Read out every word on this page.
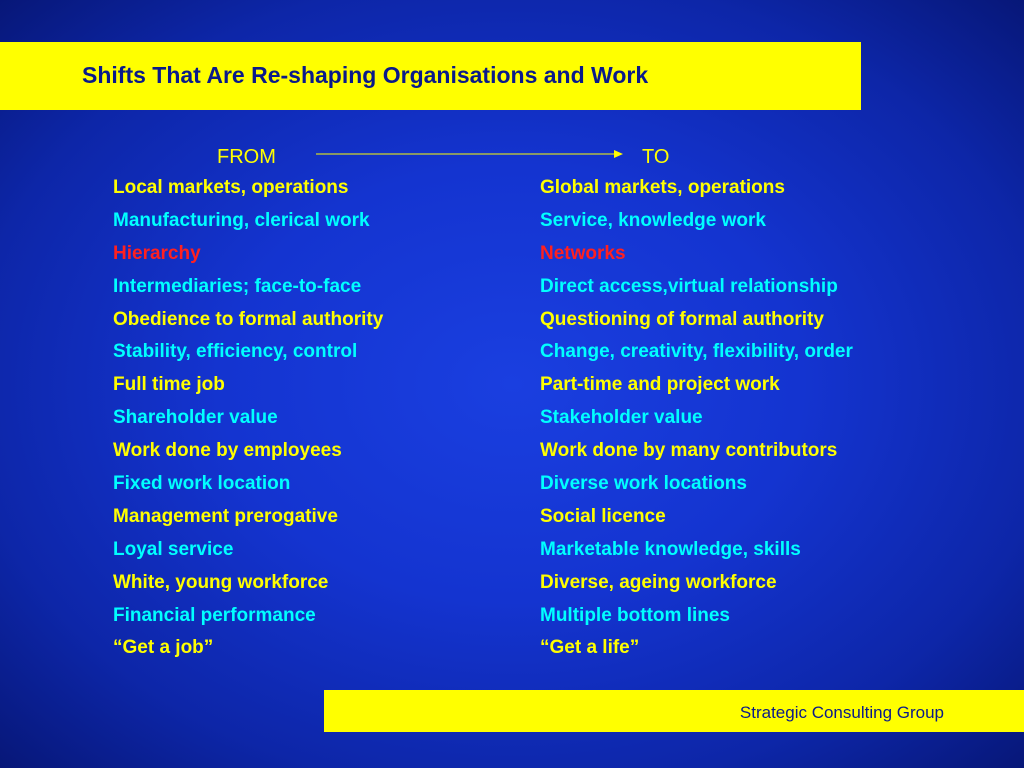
Shifts That Are Re-shaping Organisations and Work
FROM	TO
Local markets, operations	Global markets, operations
Manufacturing, clerical work	Service, knowledge work
Hierarchy	Networks
Intermediaries; face-to-face	Direct access,virtual relationship
Obedience to formal authority	Questioning of formal authority
Stability, efficiency, control	Change, creativity, flexibility, order
Full time job	Part-time and project work
Shareholder value	Stakeholder value
Work done by employees	Work done by many contributors
Fixed work location	Diverse work locations
Management prerogative	Social licence
Loyal service	Marketable knowledge, skills
White, young workforce	Diverse, ageing workforce
Financial performance	Multiple bottom lines
“Get a job”	“Get a life”
Strategic Consulting Group
